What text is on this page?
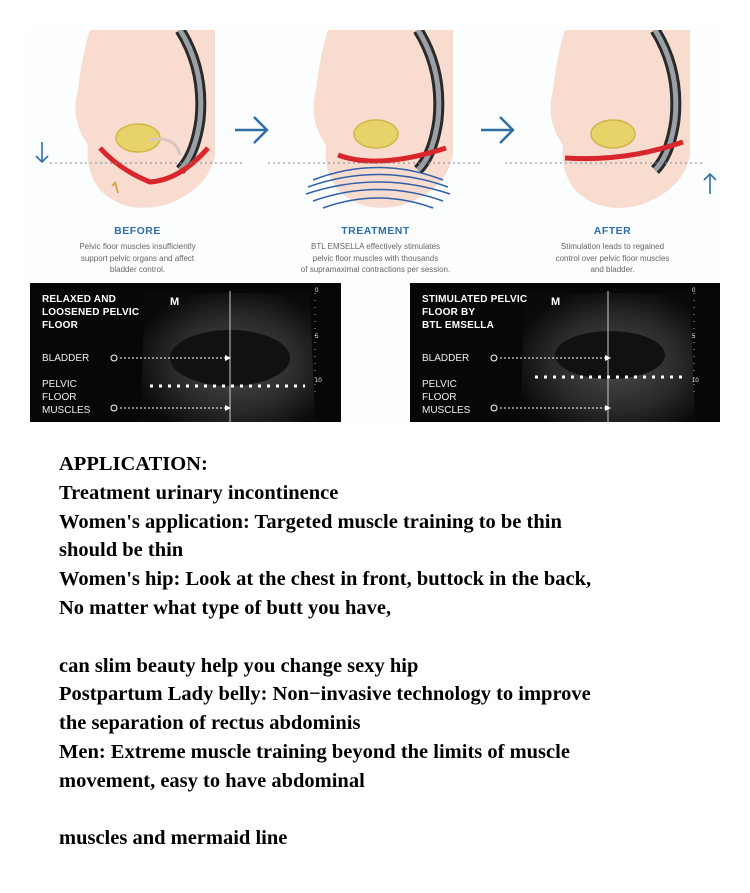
BEFORE
Pelvic floor muscles insufficiently
support pelvic organs and affect
bladder control.
TREATMENT
BTL EMSELLA effectively stimulates
pelvic floor muscles with thousands
of supramaximal contractions per session.
AFTER
Stimulation leads to regained
control over pelvic floor muscles
and bladder.
RELAXED AND
LOOSENED PELVIC
FLOOR
M
BLADDER
PELVIC
FLOOR
MUSCLES
0
5
10
STIMULATED PELVIC
FLOOR BY
BTL EMSELLA
M
BLADDER
PELVIC
FLOOR
MUSCLES
0
5
10
APPLICATION:
Treatment urinary incontinence
Women's application: Targeted muscle training to be thin
should be thin
Women's hip: Look at the chest in front, buttock in the back,
No matter what type of butt you have,
can slim beauty help you change sexy hip
Postpartum Lady belly: Non−invasive technology to improve
the separation of rectus abdominis
Men: Extreme muscle training beyond the limits of muscle
movement, easy to have abdominal
muscles and mermaid line
